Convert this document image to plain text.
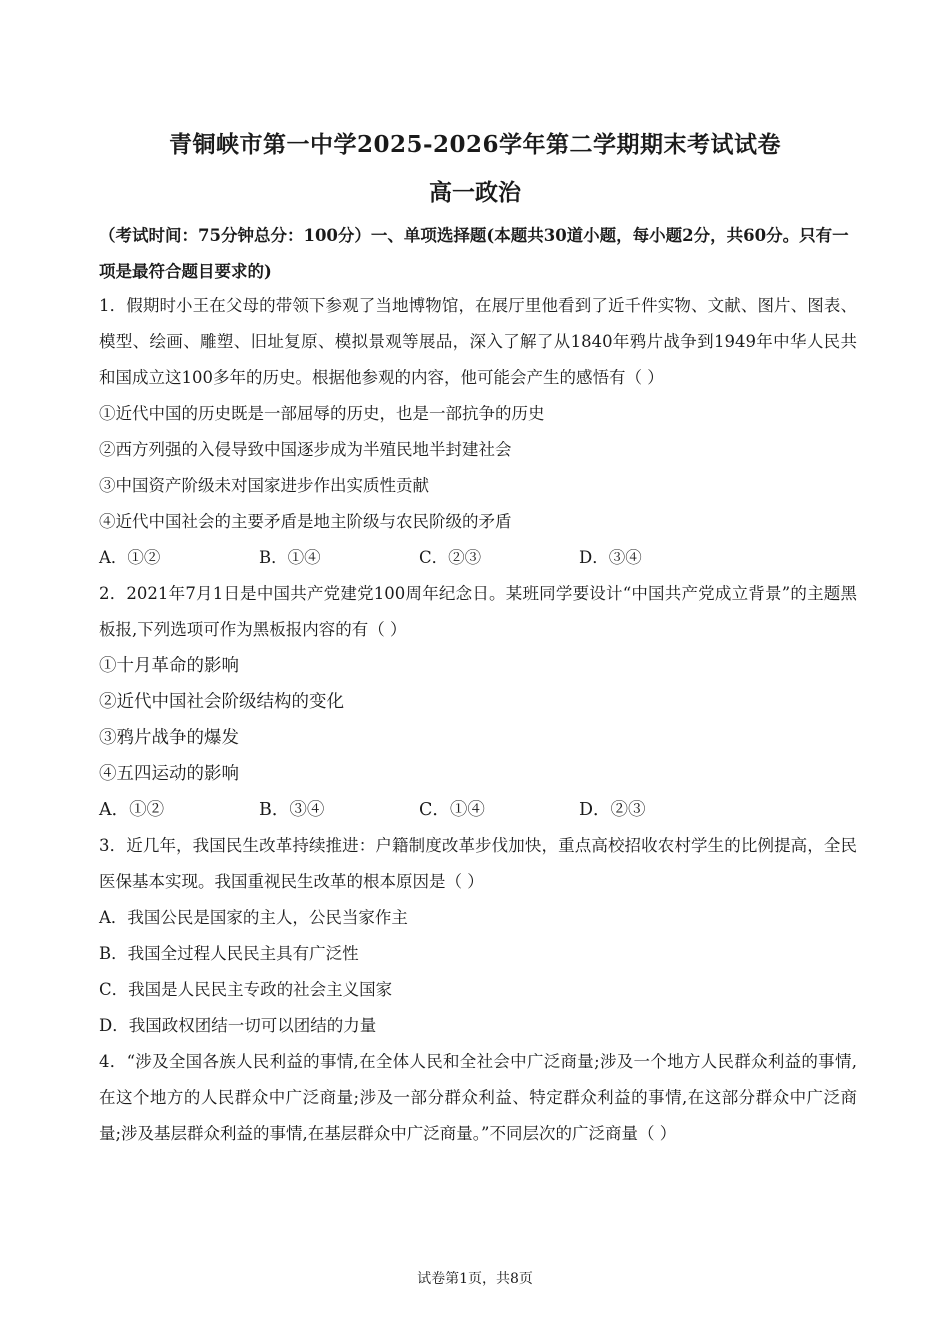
青铜峡市第一中学2025-2026学年第二学期期末考试试卷
高一政治
（考试时间：75分钟总分：100分）一、单项选择题(本题共30道小题，每小题2分，共60分。只有一项是最符合题目要求的)

1．假期时小王在父母的带领下参观了当地博物馆，在展厅里他看到了近千件实物、文献、图片、图表、模型、绘画、雕塑、旧址复原、模拟景观等展品，深入了解了从1840年鸦片战争到1949年中华人民共和国成立这100多年的历史。根据他参观的内容，他可能会产生的感悟有（ ）

①近代中国的历史既是一部屈辱的历史，也是一部抗争的历史

②西方列强的入侵导致中国逐步成为半殖民地半封建社会

③中国资产阶级未对国家进步作出实质性贡献

④近代中国社会的主要矛盾是地主阶级与农民阶级的矛盾

A．①②	B．①④	C．②③	D．③④

2．2021年7月1日是中国共产党建党100周年纪念日。某班同学要设计“中国共产党成立背景”的主题黑板报,下列选项可作为黑板报内容的有（ ）

①十月革命的影响

②近代中国社会阶级结构的变化

③鸦片战争的爆发

④五四运动的影响

A．①②	B．③④	C．①④	D．②③

3．近几年，我国民生改革持续推进：户籍制度改革步伐加快，重点高校招收农村学生的比例提高，全民医保基本实现。我国重视民生改革的根本原因是（ ）

A．我国公民是国家的主人，公民当家作主

B．我国全过程人民民主具有广泛性

C．我国是人民民主专政的社会主义国家

D．我国政权团结一切可以团结的力量

4．“涉及全国各族人民利益的事情,在全体人民和全社会中广泛商量;涉及一个地方人民群众利益的事情,在这个地方的人民群众中广泛商量;涉及一部分群众利益、特定群众利益的事情,在这部分群众中广泛商量;涉及基层群众利益的事情,在基层群众中广泛商量。”不同层次的广泛商量（ ）

试卷第1页，共8页
